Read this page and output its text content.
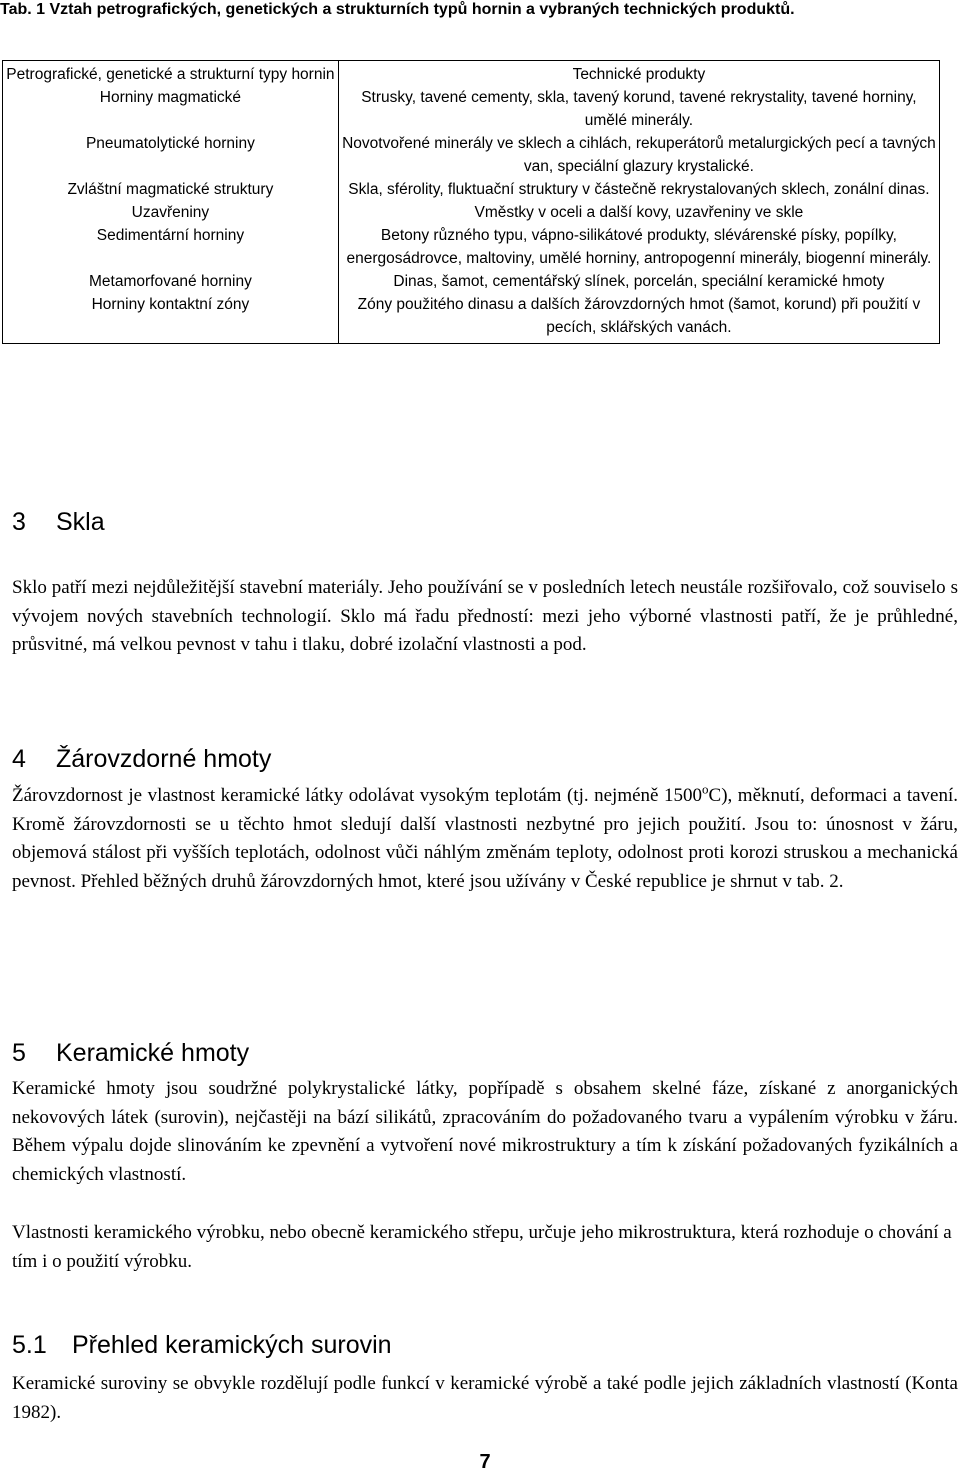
Tab. 1 Vztah petrografických, genetických a strukturních typů hornin a vybraných technických produktů.
Petrografické, genetické a strukturní typy hornin	Technické produkty
Horniny magmatické	Strusky, tavené cementy, skla, tavený korund, tavené rekrystality, tavené horniny, umělé minerály.
Pneumatolytické horniny	Novotvořené minerály ve sklech a cihlách, rekuperátorů metalurgických pecí a tavných van, speciální glazury krystalické.
Zvláštní magmatické struktury	Skla, sférolity, fluktuační struktury v částečně rekrystalovaných sklech, zonální dinas.
Uzavřeniny	Vměstky v oceli a další kovy, uzavřeniny ve skle
Sedimentární horniny	Betony různého typu, vápno-silikátové produkty, slévárenské písky, popílky, energosádrovce, maltoviny, umělé horniny, antropogenní minerály, biogenní minerály.
Metamorfované horniny	Dinas, šamot, cementářský slínek, porcelán, speciální keramické hmoty
Horniny kontaktní zóny	Zóny použitého dinasu a dalších žárovzdorných hmot (šamot, korund) při použití v pecích, sklářských vanách.

3 Skla

Sklo patří mezi nejdůležitější stavební materiály. Jeho používání se v posledních letech neustále rozšiřovalo, což souviselo s vývojem nových stavebních technologií. Sklo má řadu předností: mezi jeho výborné vlastnosti patří, že je průhledné, průsvitné, má velkou pevnost v tahu i tlaku, dobré izolační vlastnosti a pod.

4 Žárovzdorné hmoty

Žárovzdornost je vlastnost keramické látky odolávat vysokým teplotám (tj. nejméně 1500$^o$C), měknutí, deformaci a tavení. Kromě žárovzdornosti se u těchto hmot sledují další vlastnosti nezbytné pro jejich použití. Jsou to: únosnost v žáru, objemová stálost při vyšších teplotách, odolnost vůči náhlým změnám teploty, odolnost proti korozi struskou a mechanická pevnost. Přehled běžných druhů žárovzdorných hmot, které jsou užívány v České republice je shrnut v tab. 2.

5 Keramické hmoty

Keramické hmoty jsou soudržné polykrystalické látky, popřípadě s obsahem skelné fáze, získané z anorganických nekovových látek (surovin), nejčastěji na bází silikátů, zpracováním do požadovaného tvaru a vypálením výrobku v žáru. Během výpalu dojde slinováním ke zpevnění a vytvoření nové mikrostruktury a tím k získání požadovaných fyzikálních a chemických vlastností.

Vlastnosti keramického výrobku, nebo obecně keramického střepu, určuje jeho mikrostruktura, která rozhoduje o chování a tím i o použití výrobku.

5.1 Přehled keramických surovin

Keramické suroviny se obvykle rozdělují podle funkcí v keramické výrobě a také podle jejich základních vlastností (Konta 1982).

7
